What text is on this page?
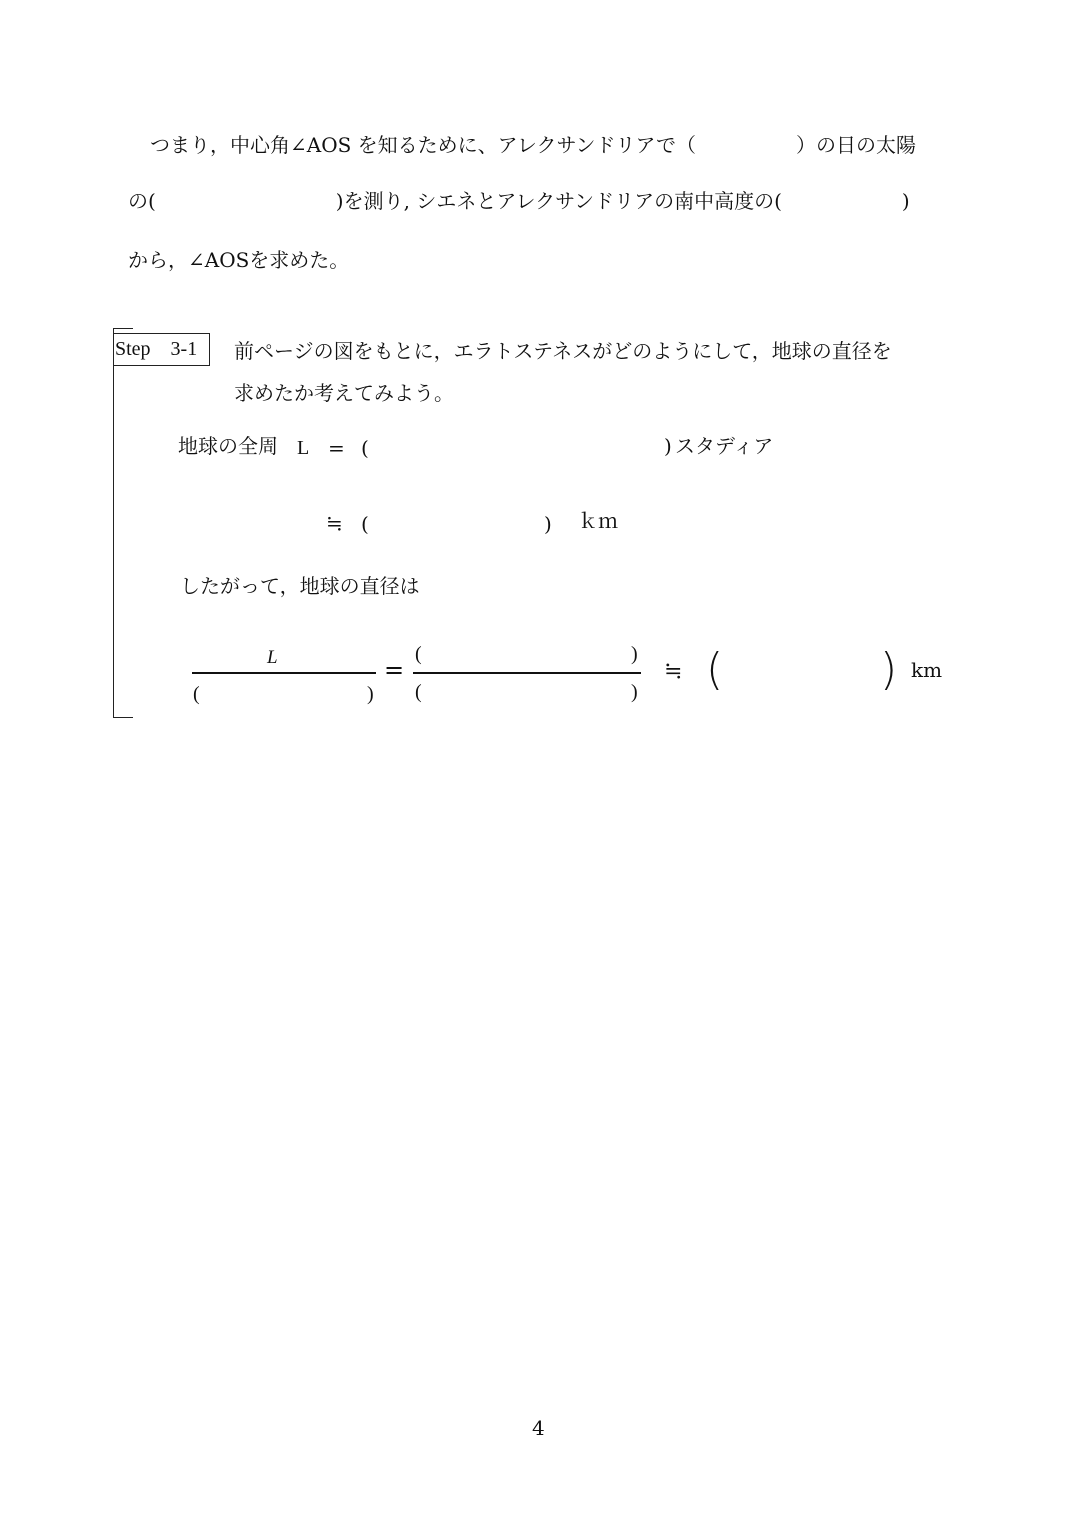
つまり，中心角∠AOS を知るために、アレクサンドリアで（　　　　　）の日の太陽
の(　　　　　　　　　)を測り, シエネとアレクサンドリアの南中高度の(　　　　　　)
から，∠AOSを求めた。
Step　3-1	前ページの図をもとに，エラトステネスがどのようにして，地球の直径を
求めたか考えてみよう。
地球の全周 L = (	) スタディア
≒ (	) ｋｍ
したがって，地球の直径は
L
(	)
=
(	)
(	)
≒ (	) km
4
